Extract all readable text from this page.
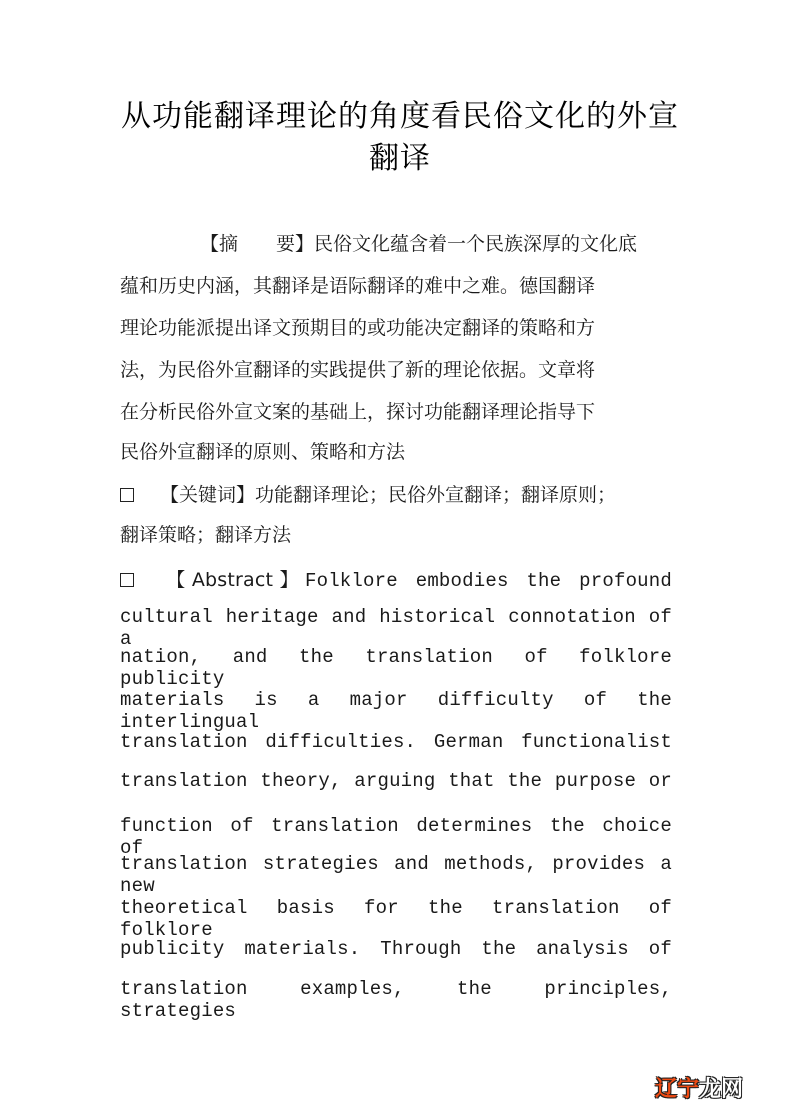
从功能翻译理论的角度看民俗文化的外宣
翻译
【摘　　要】民俗文化蕴含着一个民族深厚的文化底
蕴和历史内涵，其翻译是语际翻译的难中之难。德国翻译
理论功能派提出译文预期目的或功能决定翻译的策略和方
法，为民俗外宣翻译的实践提供了新的理论依据。文章将
在分析民俗外宣文案的基础上，探讨功能翻译理论指导下
民俗外宣翻译的原则、策略和方法
【关键词】功能翻译理论；民俗外宣翻译；翻译原则；
翻译策略；翻译方法
【Abstract】Folklore embodies the profound
cultural heritage and historical connotation of a
nation, and the translation of folklore publicity
materials is a major difficulty of the interlingual
translation difficulties. German functionalist
translation theory, arguing that the purpose or
function of translation determines the choice of
translation strategies and methods, provides a new
theoretical basis for the translation of folklore
publicity materials. Through the analysis of
translation examples, the principles, strategies
辽宁龙网
